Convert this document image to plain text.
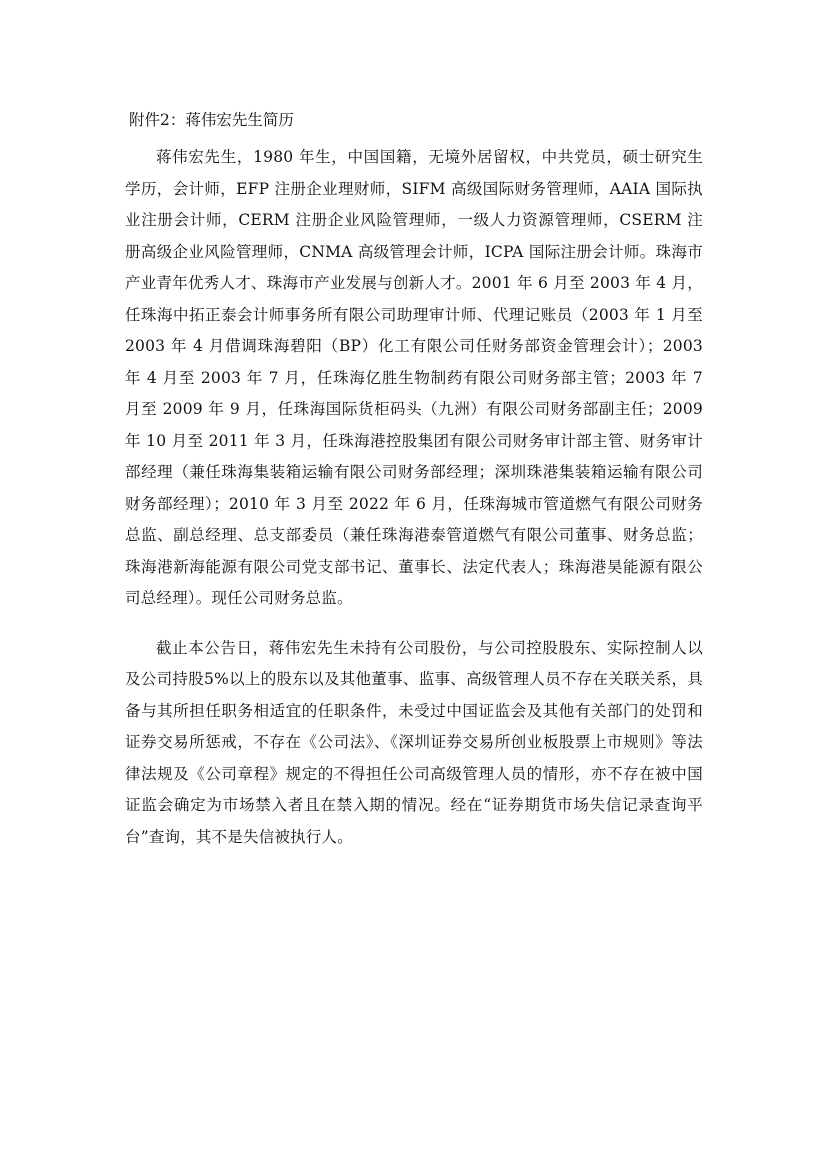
附件2：蒋伟宏先生简历

蒋伟宏先生，1980 年生，中国国籍，无境外居留权，中共党员，硕士研究生学历，会计师，EFP 注册企业理财师，SIFM 高级国际财务管理师，AAIA 国际执业注册会计师，CERM 注册企业风险管理师，一级人力资源管理师，CSERM 注册高级企业风险管理师，CNMA 高级管理会计师，ICPA 国际注册会计师。珠海市产业青年优秀人才、珠海市产业发展与创新人才。2001 年 6 月至 2003 年 4 月，任珠海中拓正泰会计师事务所有限公司助理审计师、代理记账员（2003 年 1 月至 2003 年 4 月借调珠海碧阳（BP）化工有限公司任财务部资金管理会计）；2003 年 4 月至 2003 年 7 月，任珠海亿胜生物制药有限公司财务部主管；2003 年 7 月至 2009 年 9 月，任珠海国际货柜码头（九洲）有限公司财务部副主任；2009 年 10 月至 2011 年 3 月，任珠海港控股集团有限公司财务审计部主管、财务审计部经理（兼任珠海集装箱运输有限公司财务部经理；深圳珠港集装箱运输有限公司财务部经理）；2010 年 3 月至 2022 年 6 月，任珠海城市管道燃气有限公司财务总监、副总经理、总支部委员（兼任珠海港泰管道燃气有限公司董事、财务总监；珠海港新海能源有限公司党支部书记、董事长、法定代表人；珠海港昊能源有限公司总经理）。现任公司财务总监。

截止本公告日，蒋伟宏先生未持有公司股份，与公司控股股东、实际控制人以及公司持股5%以上的股东以及其他董事、监事、高级管理人员不存在关联关系，具备与其所担任职务相适宜的任职条件，未受过中国证监会及其他有关部门的处罚和证券交易所惩戒，不存在《公司法》、《深圳证券交易所创业板股票上市规则》等法律法规及《公司章程》规定的不得担任公司高级管理人员的情形，亦不存在被中国证监会确定为市场禁入者且在禁入期的情况。经在“证券期货市场失信记录查询平台”查询，其不是失信被执行人。
